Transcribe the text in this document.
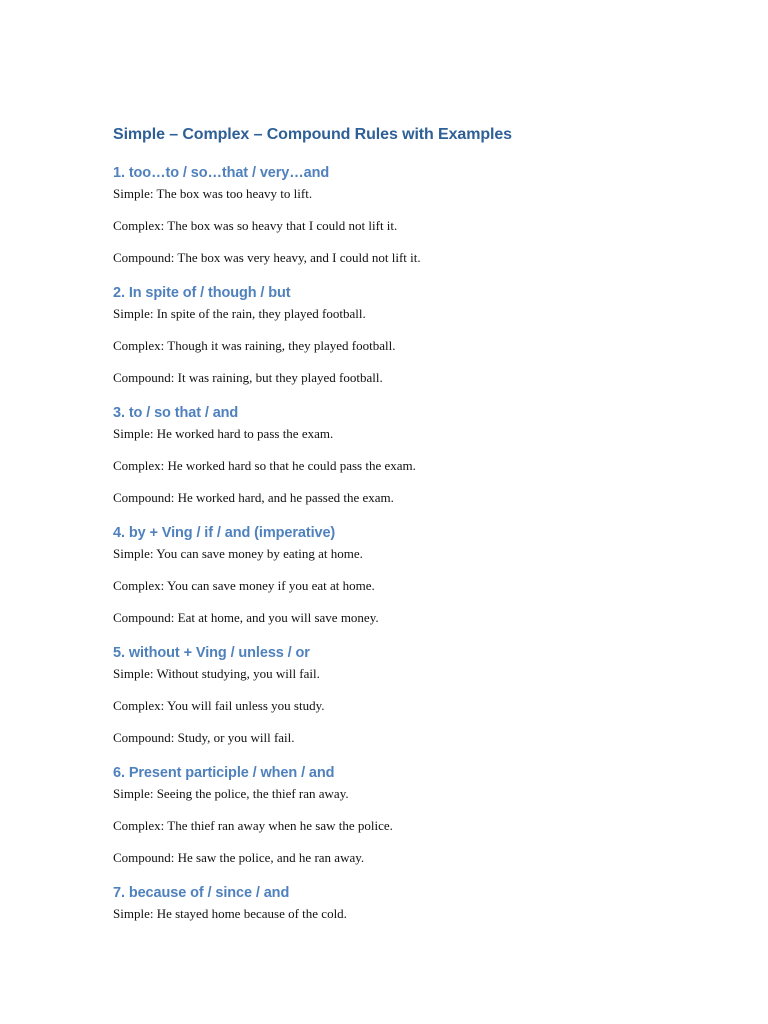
Simple – Complex – Compound Rules with Examples
1. too…to / so…that / very…and

Simple: The box was too heavy to lift.

Complex: The box was so heavy that I could not lift it.

Compound: The box was very heavy, and I could not lift it.

2. In spite of / though / but

Simple: In spite of the rain, they played football.

Complex: Though it was raining, they played football.

Compound: It was raining, but they played football.

3. to / so that / and

Simple: He worked hard to pass the exam.

Complex: He worked hard so that he could pass the exam.

Compound: He worked hard, and he passed the exam.

4. by + Ving / if / and (imperative)

Simple: You can save money by eating at home.

Complex: You can save money if you eat at home.

Compound: Eat at home, and you will save money.

5. without + Ving / unless / or

Simple: Without studying, you will fail.

Complex: You will fail unless you study.

Compound: Study, or you will fail.

6. Present participle / when / and

Simple: Seeing the police, the thief ran away.

Complex: The thief ran away when he saw the police.

Compound: He saw the police, and he ran away.

7. because of / since / and

Simple: He stayed home because of the cold.
